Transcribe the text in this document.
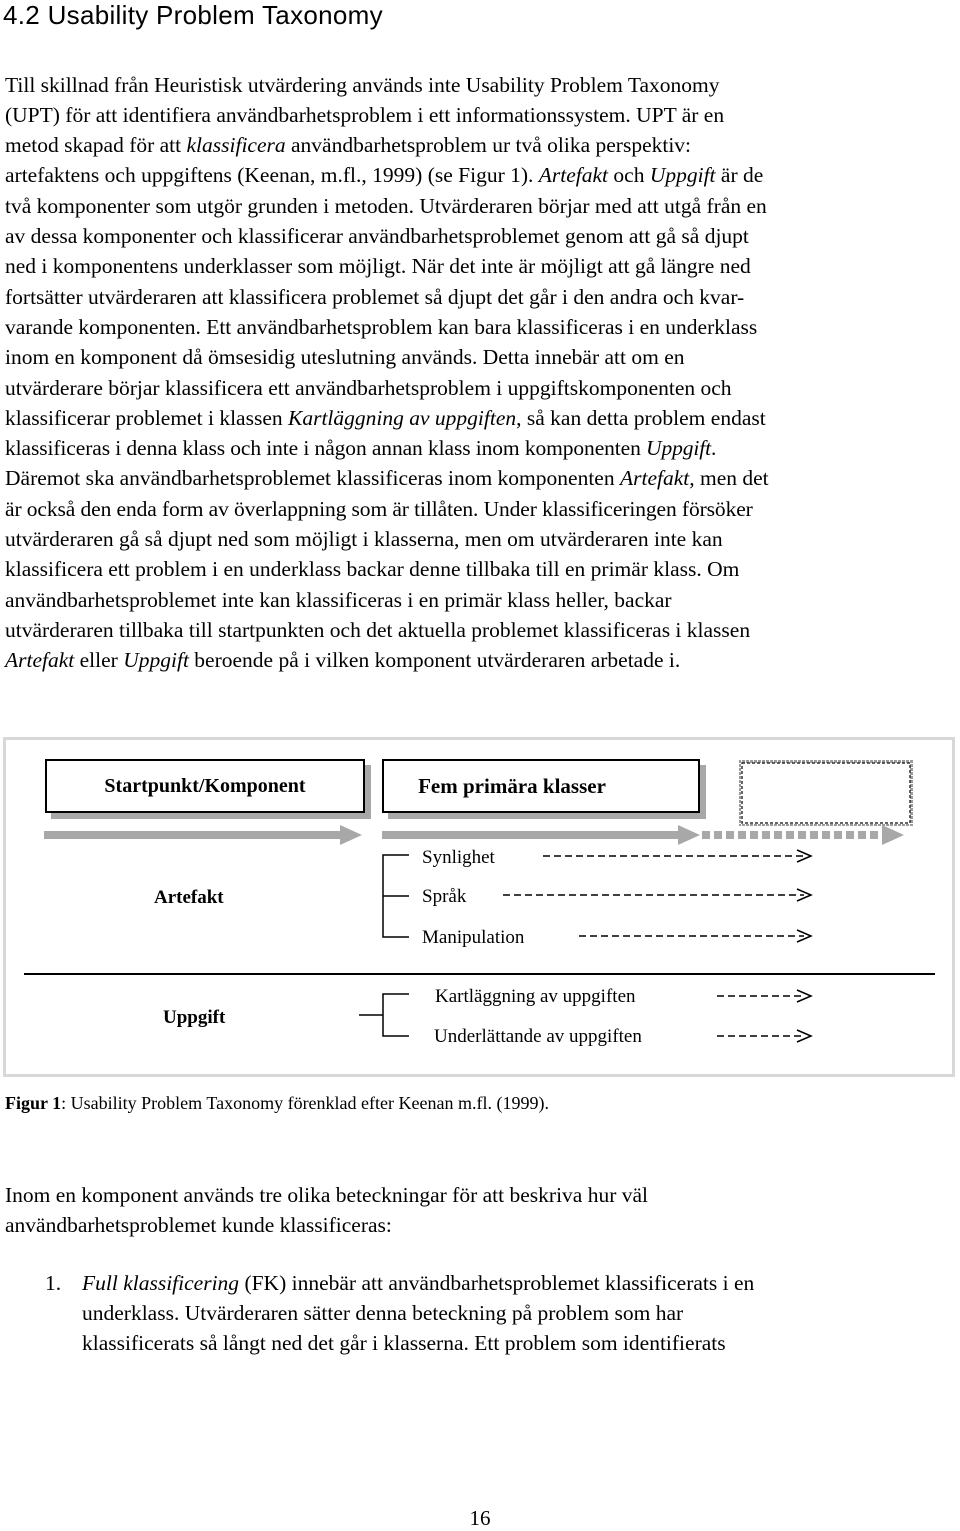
4.2 Usability Problem Taxonomy
Till skillnad från Heuristisk utvärdering används inte Usability Problem Taxonomy
(UPT) för att identifiera användbarhetsproblem i ett informationssystem. UPT är en
metod skapad för att klassificera användbarhetsproblem ur två olika perspektiv:
artefaktens och uppgiftens (Keenan, m.fl., 1999) (se Figur 1). Artefakt och Uppgift är de
två komponenter som utgör grunden i metoden. Utvärderaren börjar med att utgå från en
av dessa komponenter och klassificerar användbarhetsproblemet genom att gå så djupt
ned i komponentens underklasser som möjligt. När det inte är möjligt att gå längre ned
fortsätter utvärderaren att klassificera problemet så djupt det går i den andra och kvar-
varande komponenten. Ett användbarhetsproblem kan bara klassificeras i en underklass
inom en komponent då ömsesidig uteslutning används. Detta innebär att om en
utvärderare börjar klassificera ett användbarhetsproblem i uppgiftskomponenten och
klassificerar problemet i klassen Kartläggning av uppgiften, så kan detta problem endast
klassificeras i denna klass och inte i någon annan klass inom komponenten Uppgift.
Däremot ska användbarhetsproblemet klassificeras inom komponenten Artefakt, men det
är också den enda form av överlappning som är tillåten. Under klassificeringen försöker
utvärderaren gå så djupt ned som möjligt i klasserna, men om utvärderaren inte kan
klassificera ett problem i en underklass backar denne tillbaka till en primär klass. Om
användbarhetsproblemet inte kan klassificeras i en primär klass heller, backar
utvärderaren tillbaka till startpunkten och det aktuella problemet klassificeras i klassen
Artefakt eller Uppgift beroende på i vilken komponent utvärderaren arbetade i.
Startpunkt/Komponent	Fem primära klasser
Artefakt
Uppgift
Synlighet
Språk
Manipulation
Kartläggning av uppgiften
Underlättande av uppgiften
Figur 1: Usability Problem Taxonomy förenklad efter Keenan m.fl. (1999).
Inom en komponent används tre olika beteckningar för att beskriva hur väl
användbarhetsproblemet kunde klassificeras:
1. Full klassificering (FK) innebär att användbarhetsproblemet klassificerats i en
underklass. Utvärderaren sätter denna beteckning på problem som har
klassificerats så långt ned det går i klasserna. Ett problem som identifierats
16
